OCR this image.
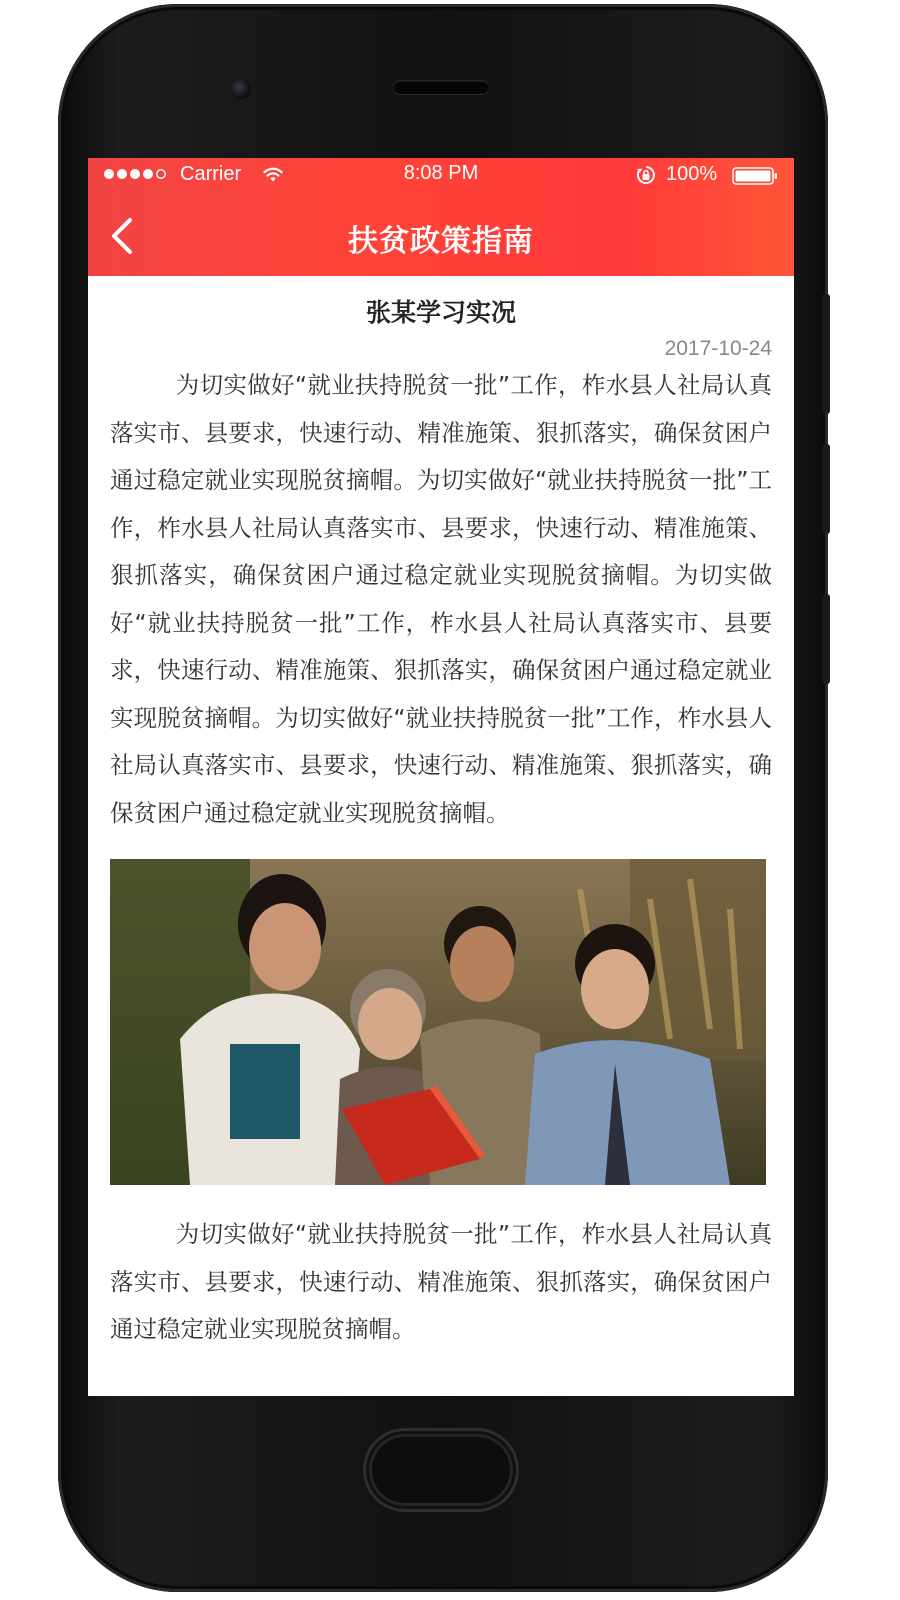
Carrier	8:08 PM	100%
扶贫政策指南
张某学习实况
2017-10-24

为切实做好“就业扶持脱贫一批”工作，柞水县人社局认真落实市、县要求，快速行动、精准施策、狠抓落实，确保贫困户通过稳定就业实现脱贫摘帽。为切实做好“就业扶持脱贫一批”工作，柞水县人社局认真落实市、县要求，快速行动、精准施策、狠抓落实，确保贫困户通过稳定就业实现脱贫摘帽。为切实做好“就业扶持脱贫一批”工作，柞水县人社局认真落实市、县要求，快速行动、精准施策、狠抓落实，确保贫困户通过稳定就业实现脱贫摘帽。为切实做好“就业扶持脱贫一批”工作，柞水县人社局认真落实市、县要求，快速行动、精准施策、狠抓落实，确保贫困户通过稳定就业实现脱贫摘帽。

为切实做好“就业扶持脱贫一批”工作，柞水县人社局认真落实市、县要求，快速行动、精准施策、狠抓落实，确保贫困户通过稳定就业实现脱贫摘帽。
